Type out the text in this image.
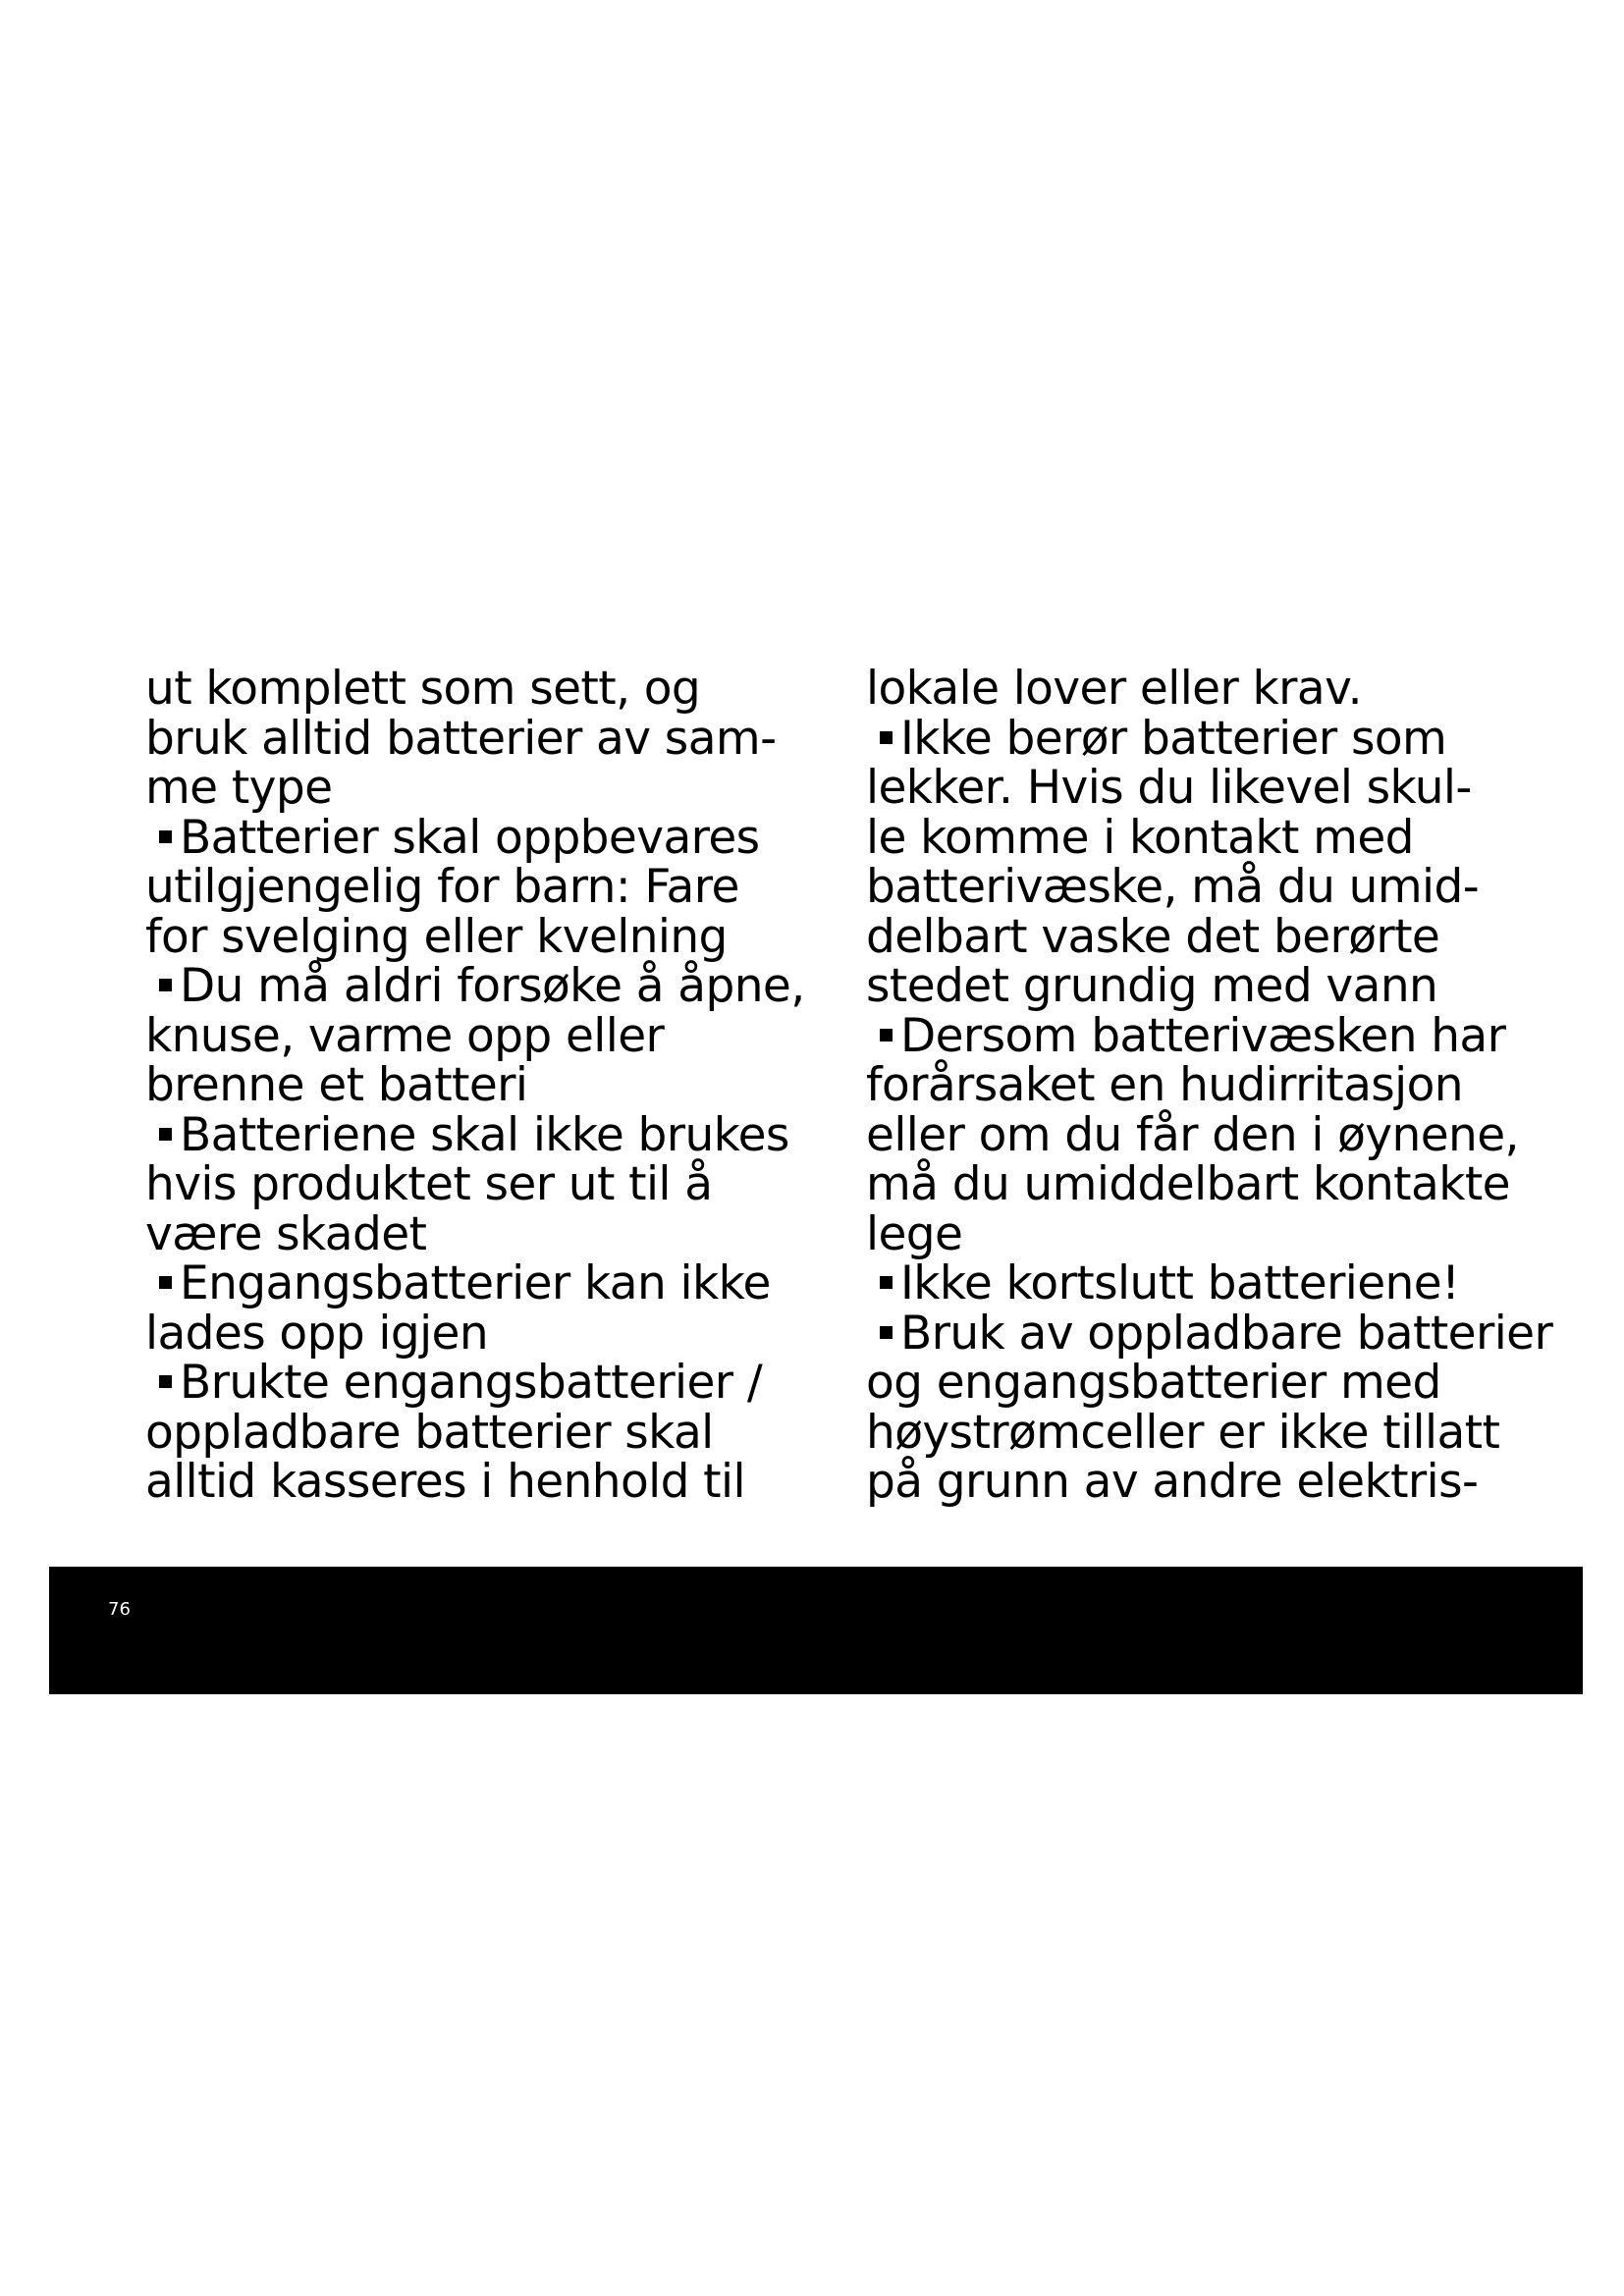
ut komplett som sett, og
bruk alltid batterier av sam-
me type
Batterier skal oppbevares
utilgjengelig for barn: Fare
for svelging eller kvelning
Du må aldri forsøke å åpne,
knuse, varme opp eller
brenne et batteri
Batteriene skal ikke brukes
hvis produktet ser ut til å
være skadet
Engangsbatterier kan ikke
lades opp igjen
Brukte engangsbatterier /
oppladbare batterier skal
alltid kasseres i henhold til
lokale lover eller krav.
Ikke berør batterier som
lekker. Hvis du likevel skul-
le komme i kontakt med
batterivæske, må du umid-
delbart vaske det berørte
stedet grundig med vann
Dersom batterivæsken har
forårsaket en hudirritasjon
eller om du får den i øynene,
må du umiddelbart kontakte
lege
Ikke kortslutt batteriene!
Bruk av oppladbare batterier
og engangsbatterier med
høystrømceller er ikke tillatt
på grunn av andre elektris-
76
